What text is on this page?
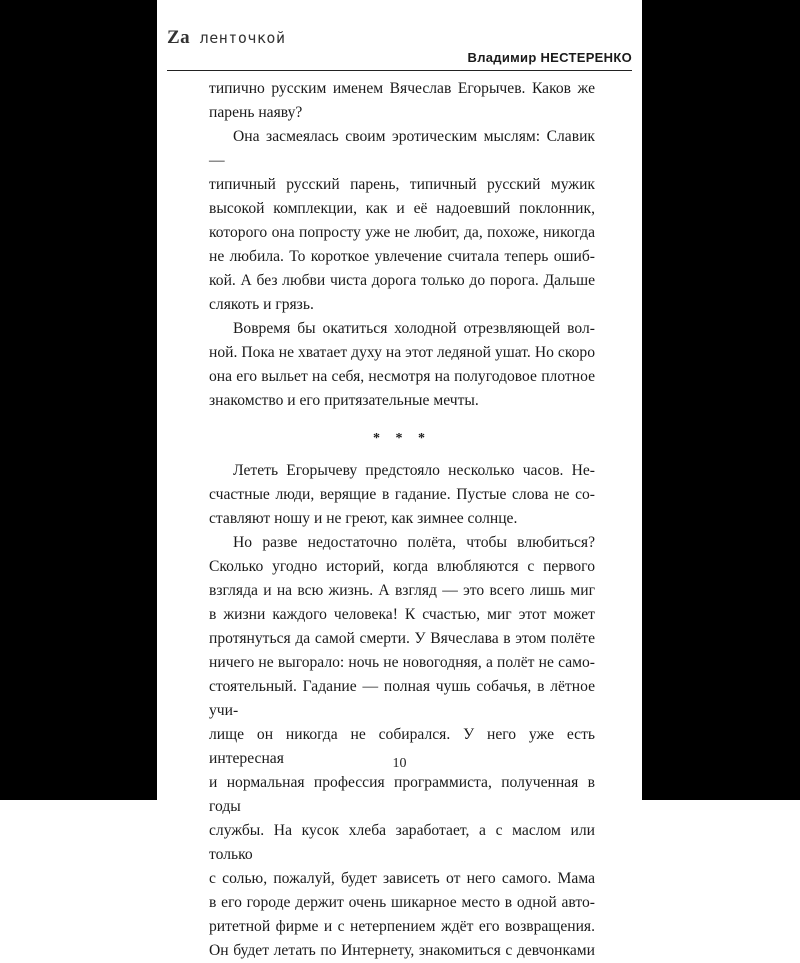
Za ленточкой
Владимир НЕСТЕРЕНКО

типично русским именем Вячеслав Егорычев. Каков же

парень наяву?

Она засмеялась своим эротическим мыслям: Славик —

типичный русский парень, типичный русский мужик

высокой комплекции, как и её надоевший поклонник,

которого она попросту уже не любит, да, похоже, никогда

не любила. То короткое увлечение считала теперь ошиб-

кой. А без любви чиста дорога только до порога. Дальше

слякоть и грязь.

Вовремя бы окатиться холодной отрезвляющей вол-

ной. Пока не хватает духу на этот ледяной ушат. Но скоро

она его выльет на себя, несмотря на полугодовое плотное

знакомство и его притязательные мечты.

* * *

Лететь Егорычеву предстояло несколько часов. Не-

счастные люди, верящие в гадание. Пустые слова не со-

ставляют ношу и не греют, как зимнее солнце.

Но разве недостаточно полёта, чтобы влюбиться?

Сколько угодно историй, когда влюбляются с первого

взгляда и на всю жизнь. А взгляд — это всего лишь миг

в жизни каждого человека! К счастью, миг этот может

протянуться да самой смерти. У Вячеслава в этом полёте

ничего не выгорало: ночь не новогодняя, а полёт не само-

стоятельный. Гадание — полная чушь собачья, в лётное учи-

лище он никогда не собирался. У него уже есть интересная

и нормальная профессия программиста, полученная в годы

службы. На кусок хлеба заработает, а с маслом или только

с солью, пожалуй, будет зависеть от него самого. Мама

в его городе держит очень шикарное место в одной авто-

ритетной фирме и с нетерпением ждёт его возвращения.

Он будет летать по Интернету, знакомиться с девчонками

10
